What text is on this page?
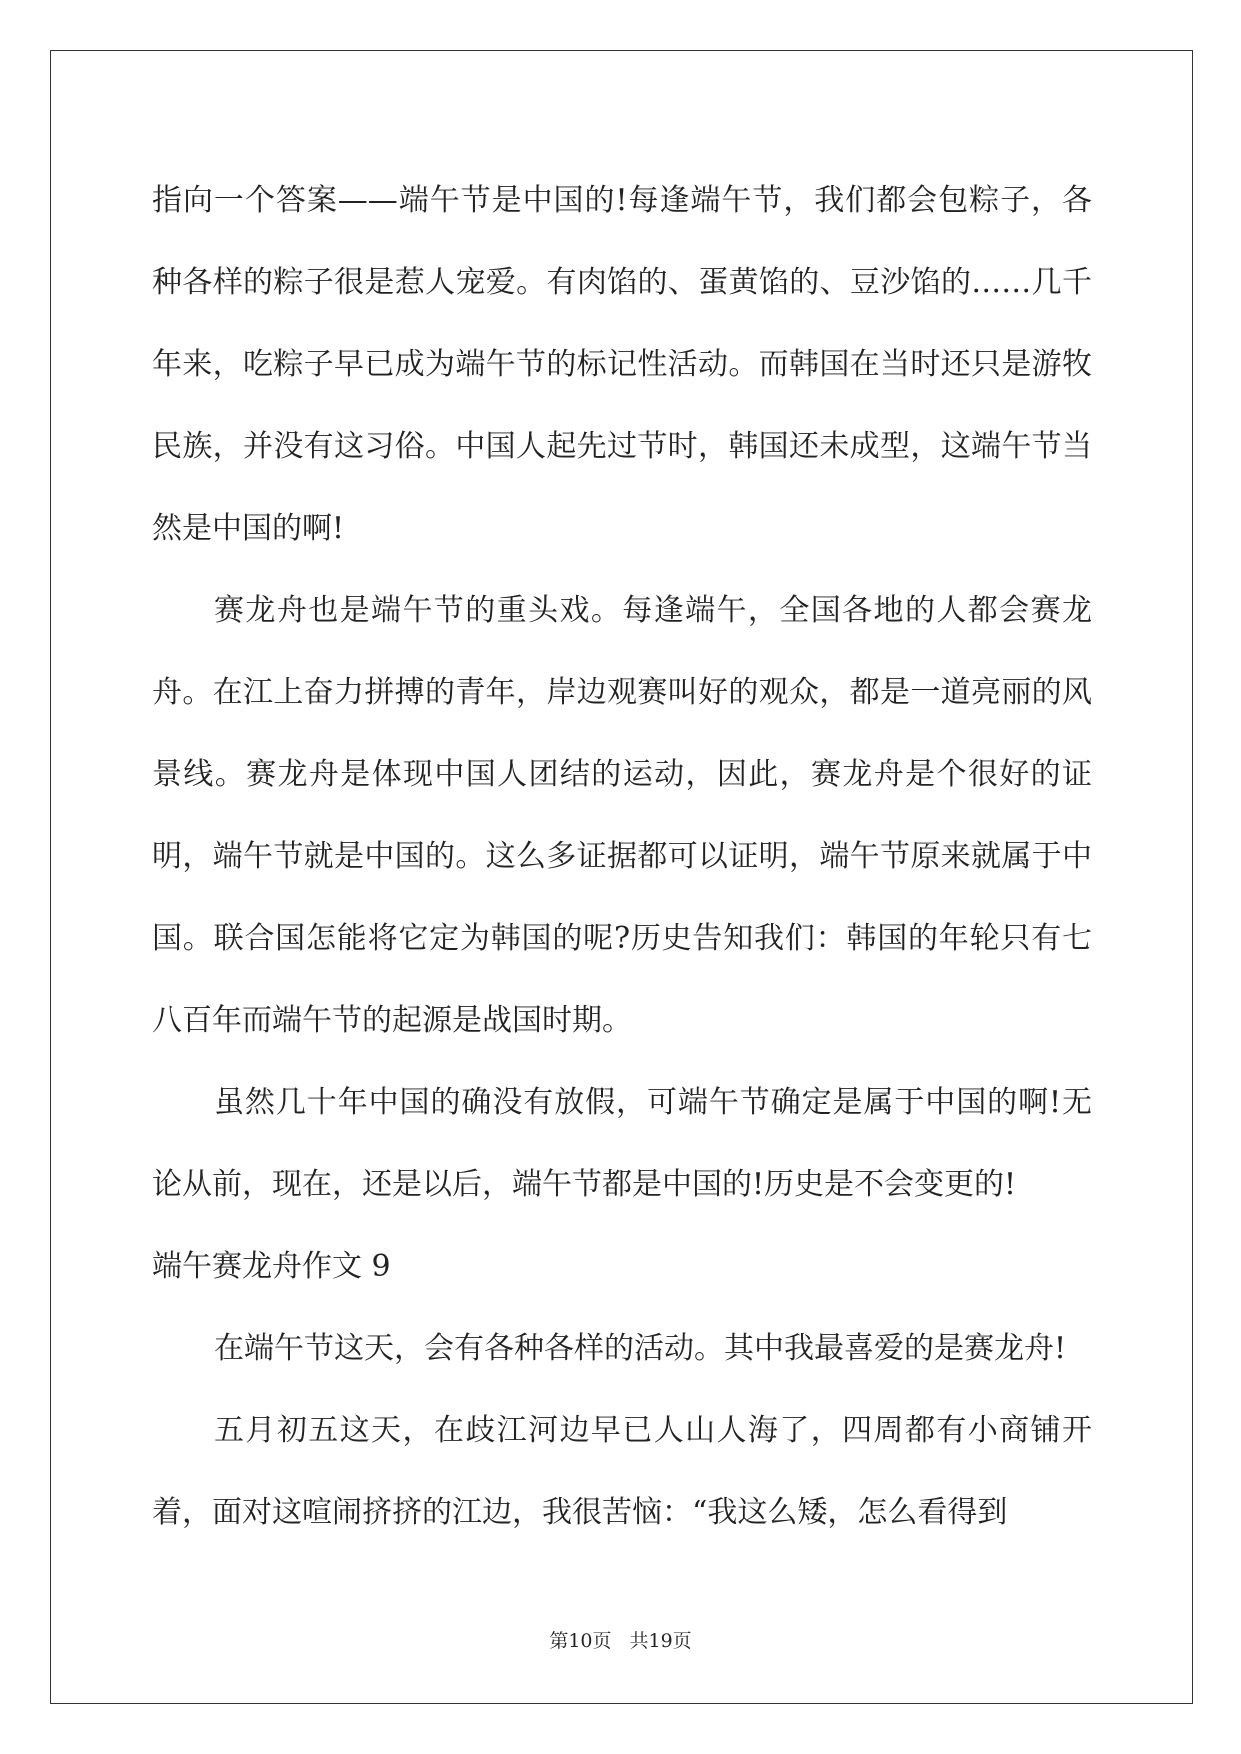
指向一个答案——端午节是中国的!每逢端午节，我们都会包粽子，各种各样的粽子很是惹人宠爱。有肉馅的、蛋黄馅的、豆沙馅的……几千年来，吃粽子早已成为端午节的标记性活动。而韩国在当时还只是游牧民族，并没有这习俗。中国人起先过节时，韩国还未成型，这端午节当然是中国的啊!

赛龙舟也是端午节的重头戏。每逢端午，全国各地的人都会赛龙舟。在江上奋力拼搏的青年，岸边观赛叫好的观众，都是一道亮丽的风景线。赛龙舟是体现中国人团结的运动，因此，赛龙舟是个很好的证明，端午节就是中国的。这么多证据都可以证明，端午节原来就属于中国。联合国怎能将它定为韩国的呢?历史告知我们：韩国的年轮只有七八百年而端午节的起源是战国时期。

虽然几十年中国的确没有放假，可端午节确定是属于中国的啊!无论从前，现在，还是以后，端午节都是中国的!历史是不会变更的!

端午赛龙舟作文 9

在端午节这天，会有各种各样的活动。其中我最喜爱的是赛龙舟!

五月初五这天，在歧江河边早已人山人海了，四周都有小商铺开着，面对这喧闹挤挤的江边，我很苦恼：“我这么矮，怎么看得到

第10页 共19页
